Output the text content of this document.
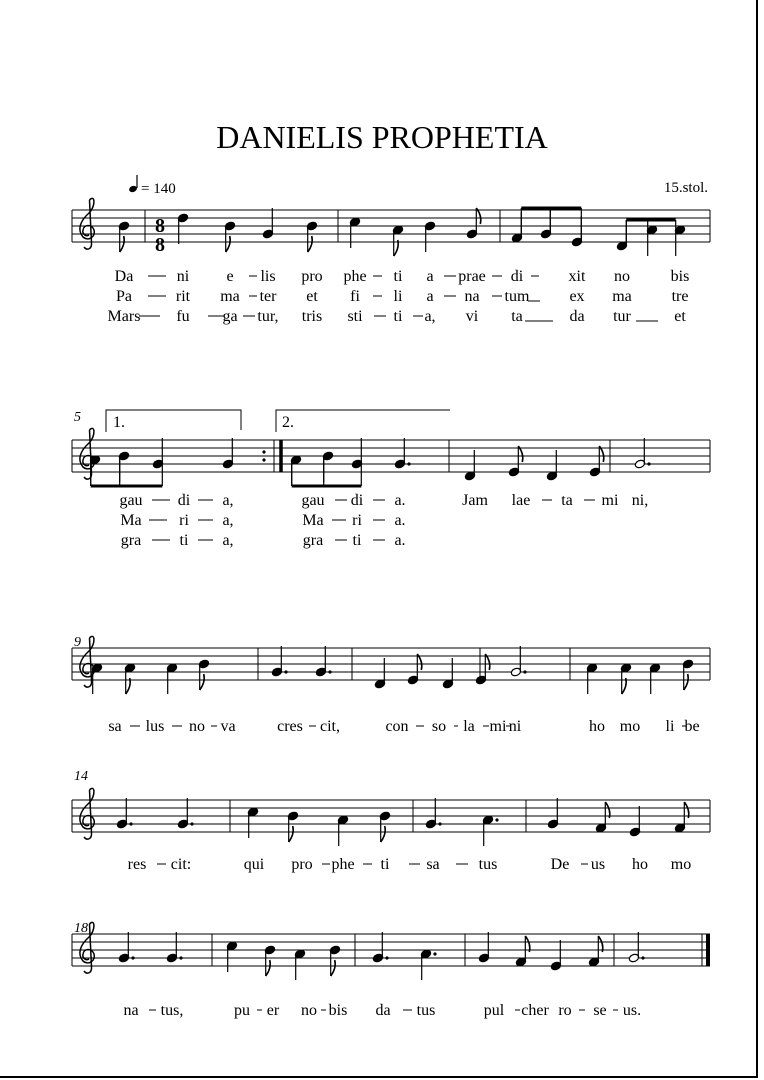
DANIELIS PROPHETIA
15.stol.
= 140
8
8
5
9
14
18
1.	2.
Da	ni e lis pro phe ti a prae di	xit no	bis
Pa	rit ma ter et fi li a na tum	ex ma tre
Mars fu ga tur, tris sti ti a, vi ta	da tur	et
gau di a,	gau di a.	Jam lae ta mi ni,
Ma ri a,	Ma ri a.
gra ti a,	gra ti a.
sa lus no va	cres cit,	con so la mi ni	ho mo li be
res cit:	qui pro phe ti sa tus	De us ho mo
na tus,	pu er no bis da tus	pul cher ro se us.
